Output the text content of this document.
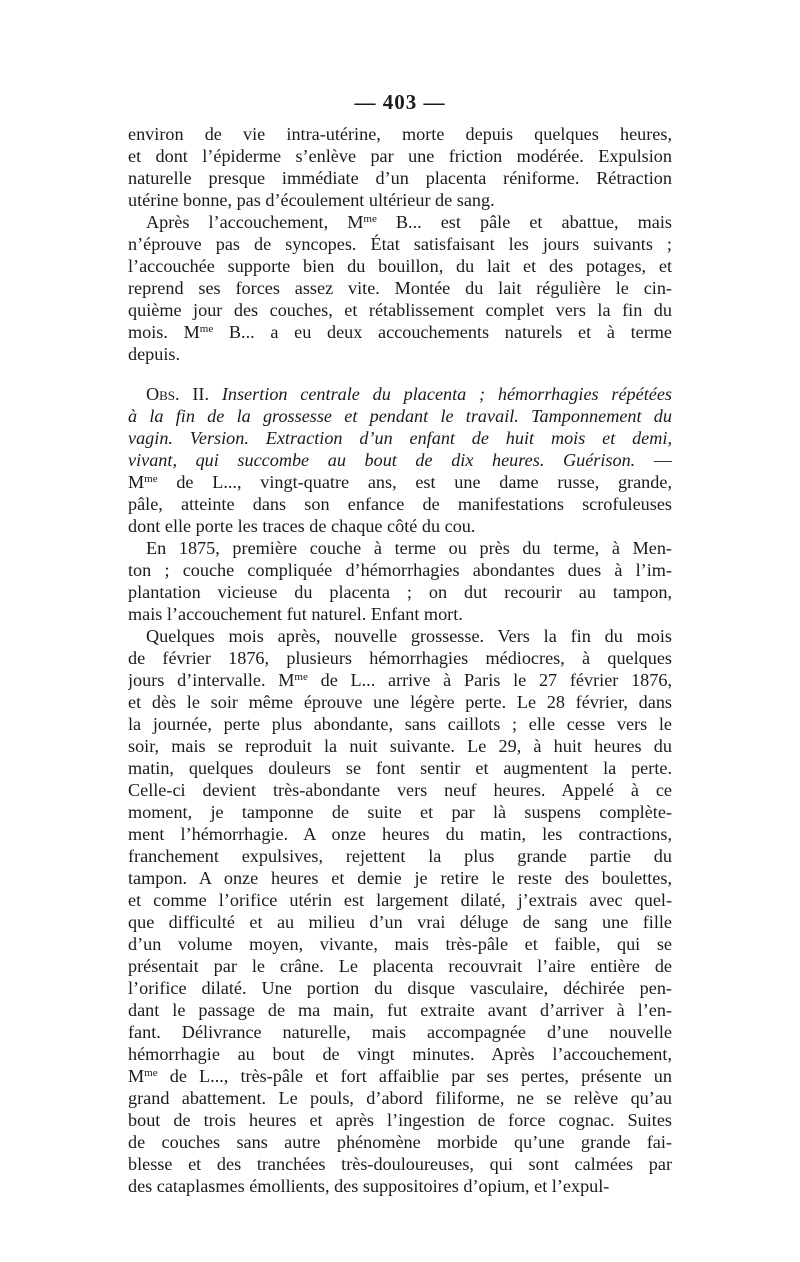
— 403 —
environ de vie intra-utérine, morte depuis quelques heures,
et dont l’épiderme s’enlève par une friction modérée. Expulsion
naturelle presque immédiate d’un placenta réniforme. Rétraction
utérine bonne, pas d’écoulement ultérieur de sang.
Après l’accouchement, $M^{me}$ B... est pâle et abattue, mais
n’éprouve pas de syncopes. État satisfaisant les jours suivants ;
l’accouchée supporte bien du bouillon, du lait et des potages, et
reprend ses forces assez vite. Montée du lait régulière le cin-
quième jour des couches, et rétablissement complet vers la fin du
mois. $M^{me}$ B... a eu deux accouchements naturels et à terme
depuis.
Obs. II. Insertion centrale du placenta ; hémorrhagies répétées
à la fin de la grossesse et pendant le travail. Tamponnement du
vagin. Version. Extraction d’un enfant de huit mois et demi,
vivant, qui succombe au bout de dix heures. Guérison. —
$M^{me}$ de L..., vingt-quatre ans, est une dame russe, grande,
pâle, atteinte dans son enfance de manifestations scrofuleuses
dont elle porte les traces de chaque côté du cou.
En 1875, première couche à terme ou près du terme, à Men-
ton ; couche compliquée d’hémorrhagies abondantes dues à l’im-
plantation vicieuse du placenta ; on dut recourir au tampon,
mais l’accouchement fut naturel. Enfant mort.
Quelques mois après, nouvelle grossesse. Vers la fin du mois
de février 1876, plusieurs hémorrhagies médiocres, à quelques
jours d’intervalle. $M^{me}$ de L... arrive à Paris le 27 février 1876,
et dès le soir même éprouve une légère perte. Le 28 février, dans
la journée, perte plus abondante, sans caillots ; elle cesse vers le
soir, mais se reproduit la nuit suivante. Le 29, à huit heures du
matin, quelques douleurs se font sentir et augmentent la perte.
Celle-ci devient très-abondante vers neuf heures. Appelé à ce
moment, je tamponne de suite et par là suspens complète-
ment l’hémorrhagie. A onze heures du matin, les contractions,
franchement expulsives, rejettent la plus grande partie du
tampon. A onze heures et demie je retire le reste des boulettes,
et comme l’orifice utérin est largement dilaté, j’extrais avec quel-
que difficulté et au milieu d’un vrai déluge de sang une fille
d’un volume moyen, vivante, mais très-pâle et faible, qui se
présentait par le crâne. Le placenta recouvrait l’aire entière de
l’orifice dilaté. Une portion du disque vasculaire, déchirée pen-
dant le passage de ma main, fut extraite avant d’arriver à l’en-
fant. Délivrance naturelle, mais accompagnée d’une nouvelle
hémorrhagie au bout de vingt minutes. Après l’accouchement,
$M^{me}$ de L..., très-pâle et fort affaiblie par ses pertes, présente un
grand abattement. Le pouls, d’abord filiforme, ne se relève qu’au
bout de trois heures et après l’ingestion de force cognac. Suites
de couches sans autre phénomène morbide qu’une grande fai-
blesse et des tranchées très-douloureuses, qui sont calmées par
des cataplasmes émollients, des suppositoires d’opium, et l’expul-
